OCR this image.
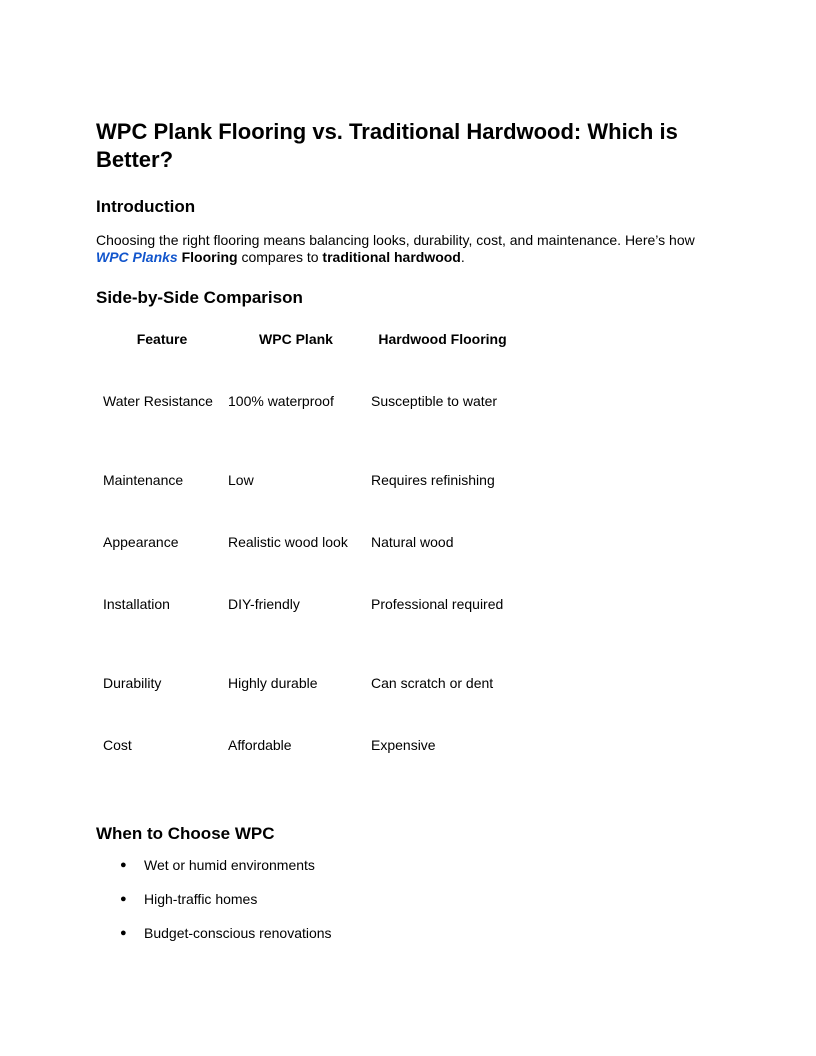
WPC Plank Flooring vs. Traditional Hardwood: Which is Better?
Introduction

Choosing the right flooring means balancing looks, durability, cost, and maintenance. Here’s how WPC Planks Flooring compares to traditional hardwood.

Side-by-Side Comparison
Feature	WPC Plank	Hardwood Flooring
Water Resistance	100% waterproof	Susceptible to water
Maintenance	Low	Requires refinishing
Appearance	Realistic wood look	Natural wood
Installation	DIY-friendly	Professional required
Durability	Highly durable	Can scratch or dent
Cost	Affordable	Expensive
When to Choose WPC
● Wet or humid environments
● High-traffic homes
● Budget-conscious renovations
